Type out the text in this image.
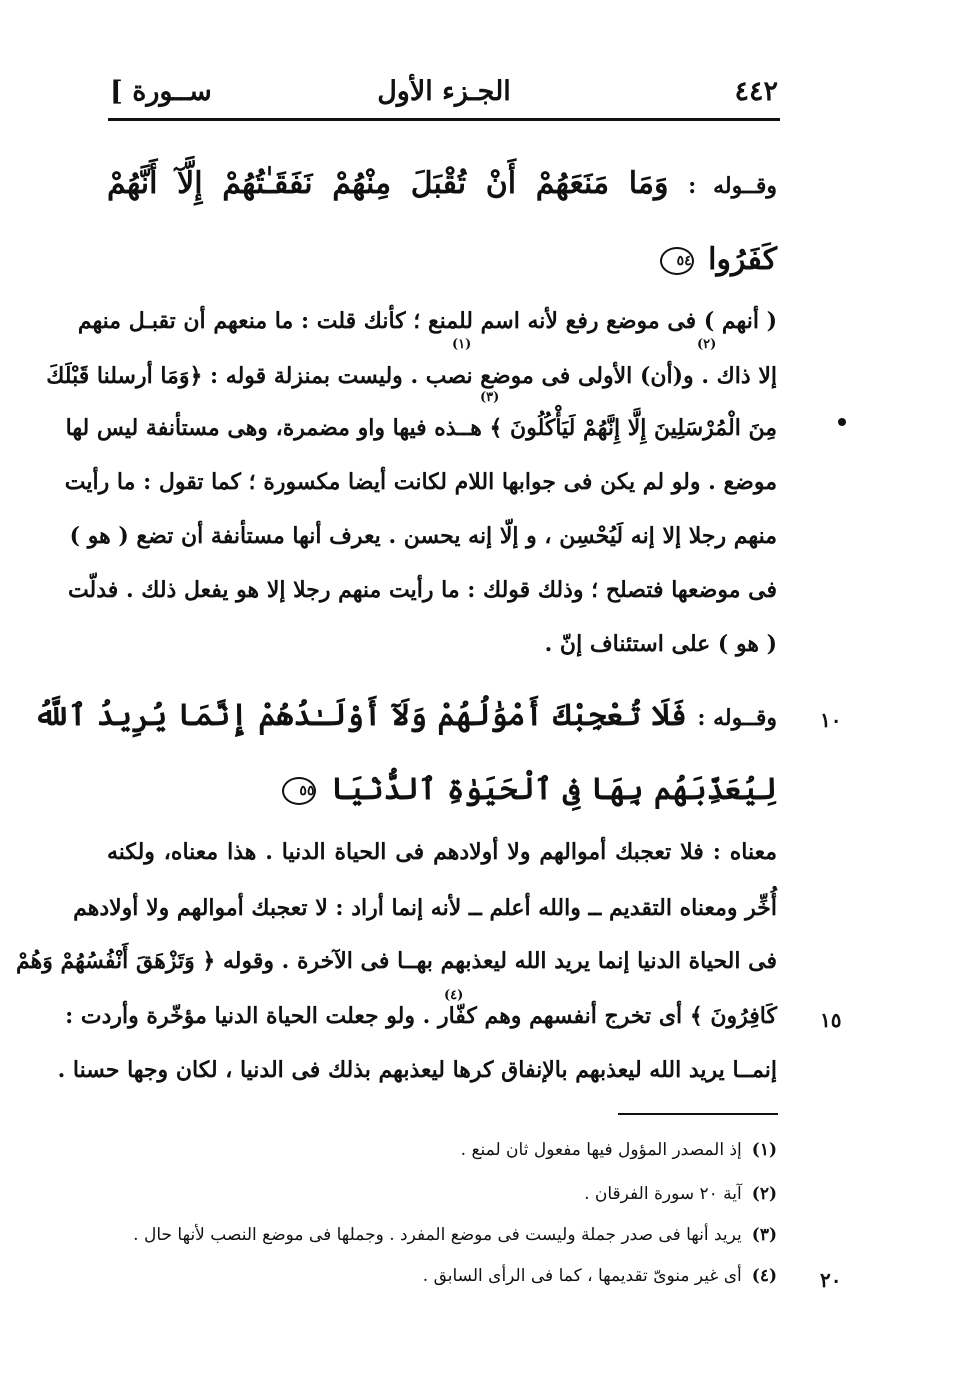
٤٤٢
الجـزء الأول
[ ســورة
وقــوله : وَمَا مَنَعَهُمْ أَنْ تُقْبَلَ مِنْهُمْ نَفَقَـٰتُهُمْ إِلَّآ أَنَّهُمْ
كَفَرُوا ٥٤
( أنهم ) فى موضع رفع لأنه اسم للمنع ؛ كأنك قلت : ما منعهم أن تقبـل منهم
إلا ذاك . و(أن) الأولى فى موضع نصب . وليست بمنزلة قوله : ﴿وَمَا أرسلنا قَبْلَكَ
مِنَ الْمُرْسَلِينَ إِلَّا إِنَّهُمْ لَيَأْكُلُونَ ﴾ هــذه فيها واو مضمرة، وهى مستأنفة ليس لها
موضع . ولو لم يكن فى جوابها اللام لكانت أيضا مكسورة ؛ كما تقول : ما رأيت
منهم رجلا إلا إنه لَيُحْسِن ، و إلّا إنه يحسن . يعرف أنها مستأنفة أن تضع ( هو )
فى موضعها فتصلح ؛ وذلك قولك : ما رأيت منهم رجلا إلا هو يفعل ذلك . فدلّت
( هو ) على استئناف إنّ .
(١)	(٢)
(٣)
(٤)
وقــوله : فَلَا تُعْجِبْكَ أَمْوَٰلُهُمْ وَلَآ أَوْلَـٰدُهُمْ إِنَّمَا يُرِيدُ ٱللَّهُ
لِيُعَذِّبَهُم بِهَا فِى ٱلْحَيَوٰةِ ٱلدُّنْيَا ٥٥
معناه : فلا تعجبك أموالهم ولا أولادهم فى الحياة الدنيا . هذا معناه، ولكنه
أُخِّر ومعناه التقديم ــ والله أعلم ــ لأنه إنما أراد : لا تعجبك أموالهم ولا أولادهم
فى الحياة الدنيا إنما يريد الله ليعذبهم بهــا فى الآخرة . وقوله ﴿ وَتَزْهَقَ أَنْفُسُهُمْ وَهُمْ
كَافِرُونَ ﴾ أى تخرج أنفسهم وهم كفّار . ولو جعلت الحياة الدنيا مؤخّرة وأردت :
إنمــا يريد الله ليعذبهم بالإنفاق كرها ليعذبهم بذلك فى الدنيا ، لكان وجها حسنا .
١٠
١٥
٢٠
(١)إذ المصدر المؤول فيها مفعول ثان لمنع .
(٢)آية ٢٠ سورة الفرقان .
(٣)يريد أنها فى صدر جملة وليست فى موضع المفرد . وجملها فى موضع النصب لأنها حال .
(٤)أى غير منوىّ تقديمها ، كما فى الرأى السابق .
